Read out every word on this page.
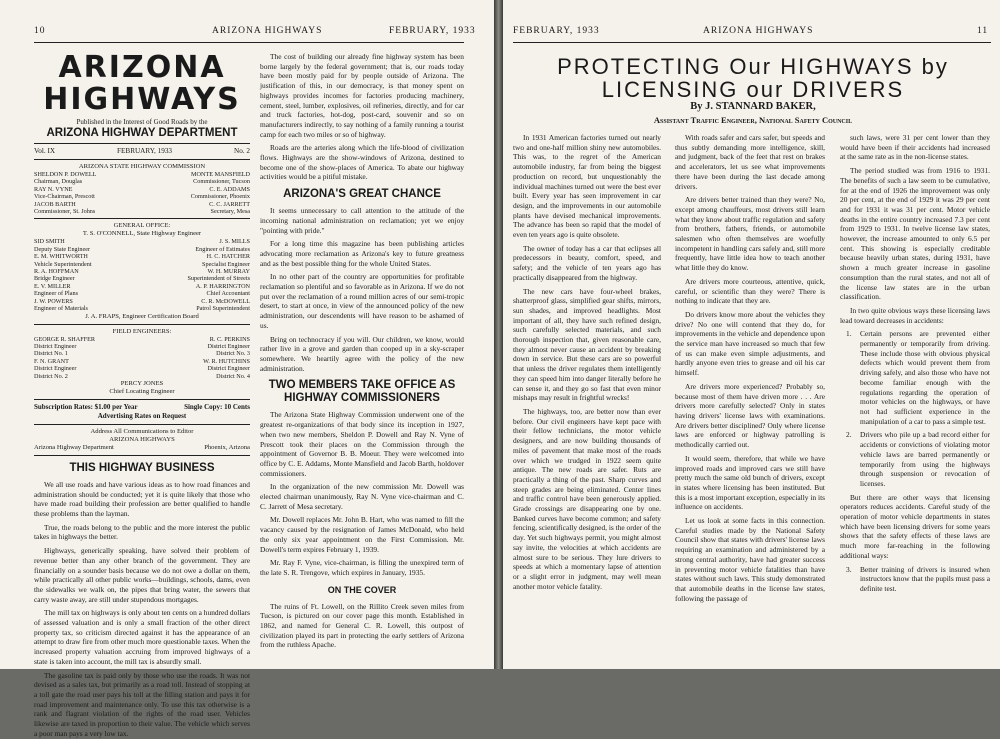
10	ARIZONA HIGHWAYS	FEBRUARY, 1933
ARIZONA HIGHWAYS
Published in the Interest of Good Roads by the
ARIZONA HIGHWAY DEPARTMENT
Vol. IX	FEBRUARY, 1933	No. 2
ARIZONA STATE HIGHWAY COMMISSION
SHELDON P. DOWELL	MONTE MANSFIELD
Chairman, Douglas	Commissioner, Tucson
RAY N. VYNE	C. E. ADDAMS
Vice-Chairman, Prescott	Commissioner, Phoenix
JACOB BARTH	C. C. JARRETT
Commissioner, St. Johns	Secretary, Mesa
GENERAL OFFICE:
T. S. O'CONNELL, State Highway Engineer
SID SMITH	J. S. MILLS
Deputy State Engineer	Engineer of Estimates
E. M. WHITWORTH	H. C. HATCHER
Vehicle Superintendent	Specialist Engineer
R. A. HOFFMAN	W. H. MURRAY
Bridge Engineer	Superintendent of Streets
E. V. MILLER	A. P. HARRINGTON
Engineer of Plans	Chief Accountant
J. W. POWERS	C. R. McDOWELL
Engineer of Materials	Patrol Superintendent
J. A. FRAPS, Engineer Certification Board
FIELD ENGINEERS:
GEORGE R. SHAFFER	R. C. PERKINS
District Engineer	District Engineer
District No. 1	District No. 3
F. N. GRANT	W. R. HUTCHINS
District Engineer	District Engineer
District No. 2	District No. 4
PERCY JONES
Chief Locating Engineer
Subscription Rates: $1.00 per Year	Single Copy: 10 Cents
Advertising Rates on Request
Address All Communications to Editor
ARIZONA HIGHWAYS
Arizona Highway Department	Phoenix, Arizona
THIS HIGHWAY BUSINESS

We all use roads and have various ideas as to how road finances and administration should be conducted; yet it is quite likely that those who have made road building their profession are better qualified to handle these problems than the layman.

True, the roads belong to the public and the more interest the public takes in highways the better.

Highways, generically speaking, have solved their problem of revenue better than any other branch of the government. They are financially on a sounder basis because we do not owe a dollar on them, while practically all other public works—buildings, schools, dams, even the sidewalks we walk on, the pipes that bring water, the sewers that carry waste away, are still under stupendous mortgages.

The mill tax on highways is only about ten cents on a hundred dollars of assessed valuation and is only a small fraction of the other direct property tax, so criticism directed against it has the appearance of an attempt to draw fire from other much more questionable taxes. When the increased property valuation accruing from improved highways of a state is taken into account, the mill tax is absurdly small.

The gasoline tax is paid only by those who use the roads. It was not devised as a sales tax, but primarily as a road toll. Instead of stopping at a toll gate the road user pays his toll at the filling station and pays it for road improvement and maintenance only. To use this tax otherwise is a rank and flagrant violation of the rights of the road user. Vehicles likewise are taxed in proportion to their value. The vehicle which serves a poor man pays a very low tax.

The cost of building our already fine highway system has been borne largely by the federal government; that is, our roads today have been mostly paid for by people outside of Arizona. The justification of this, in our democracy, is that money spent on highways provides incomes for factories producing machinery, cement, steel, lumber, explosives, oil refineries, directly, and for car and truck factories, hot-dog, post-card, souvenir and so on manufacturers indirectly, to say nothing of a family running a tourist camp for each two miles or so of highway.

Roads are the arteries along which the life-blood of civilization flows. Highways are the show-windows of Arizona, destined to become one of the show-places of America. To abate our highway activities would be a pitiful mistake.

ARIZONA'S GREAT CHANCE

It seems unnecessary to call attention to the attitude of the incoming national administration on reclamation; yet we enjoy "pointing with pride."

For a long time this magazine has been publishing articles advocating more reclamation as Arizona's key to future greatness and as the best possible thing for the whole United States.

In no other part of the country are opportunities for profitable reclamation so plentiful and so favorable as in Arizona. If we do not put over the reclamation of a round million acres of our semi-tropic desert, to start at once, in view of the announced policy of the new administration, our descendents will have reason to be ashamed of us.

Bring on technocracy if you will. Our children, we know, would rather live in a grove and garden than cooped up in a sky-scraper somewhere. We heartily agree with the policy of the new administration.

TWO MEMBERS TAKE OFFICE AS HIGHWAY COMMISSIONERS

The Arizona State Highway Commission underwent one of the greatest re-organizations of that body since its inception in 1927, when two new members, Sheldon P. Dowell and Ray N. Vyne of Prescott took their places on the Commission through the appointment of Governor B. B. Moeur. They were welcomed into office by C. E. Addams, Monte Mansfield and Jacob Barth, holdover commissioners.

In the organization of the new commission Mr. Dowell was elected chairman unanimously, Ray N. Vyne vice-chairman and C. C. Jarrett of Mesa secretary.

Mr. Dowell replaces Mr. John B. Hart, who was named to fill the vacancy caused by the resignation of James McDonald, who held the only six year appointment on the First Commission. Mr. Dowell's term expires February 1, 1939.

Mr. Ray F. Vyne, vice-chairman, is filling the unexpired term of the late S. R. Trengove, which expires in January, 1935.

ON THE COVER

The ruins of Ft. Lowell, on the Rillito Creek seven miles from Tucson, is pictured on our cover page this month. Established in 1862, and named for General C. R. Lowell, this outpost of civilization played its part in protecting the early settlers of Arizona from the ruthless Apache.

FEBRUARY, 1933	ARIZONA HIGHWAYS	11
PROTECTING Our HIGHWAYS by
LICENSING our DRIVERS
By J. STANNARD BAKER,
Assistant Traffic Engineer, National Safety Council

In 1931 American factories turned out nearly two and one-half million shiny new automobiles. This was, to the regret of the American automobile industry, far from being the biggest production on record, but unquestionably the individual machines turned out were the best ever built. Every year has seen improvement in car design, and the improvements in our automobile plants have devised mechanical improvements. The advance has been so rapid that the model of even ten years ago is quite obsolete.

The owner of today has a car that eclipses all predecessors in beauty, comfort, speed, and safety; and the vehicle of ten years ago has practically disappeared from the highway.

The new cars have four-wheel brakes, shatterproof glass, simplified gear shifts, mirrors, sun shades, and improved headlights. Most important of all, they have such refined design, such carefully selected materials, and such thorough inspection that, given reasonable care, they almost never cause an accident by breaking down in service. But these cars are so powerful that unless the driver regulates them intelligently they can speed him into danger literally before he can sense it, and they go so fast that even minor mishaps may result in frightful wrecks!

The highways, too, are better now than ever before. Our civil engineers have kept pace with their fellow technicians, the motor vehicle designers, and are now building thousands of miles of pavement that make most of the roads over which we trudged in 1922 seem quite antique. The new roads are safer. Ruts are practically a thing of the past. Sharp curves and steep grades are being eliminated. Center lines and traffic control have been generously applied. Grade crossings are disappearing one by one. Banked curves have become common; and safety fencing, scientifically designed, is the order of the day. Yet such highways permit, you might almost say invite, the velocities at which accidents are almost sure to be serious. They lure drivers to speeds at which a momentary lapse of attention or a slight error in judgment, may well mean another motor vehicle fatality.

With roads safer and cars safer, but speeds and thus subtly demanding more intelligence, skill, and judgment, back of the feet that rest on brakes and accelerators, let us see what improvements there have been during the last decade among drivers.

Are drivers better trained than they were? No, except among chauffeurs, most drivers still learn what they know about traffic regulation and safety from brothers, fathers, friends, or automobile salesmen who often themselves are woefully incompetent in handling cars safely and, still more frequently, have little idea how to teach another what little they do know.

Are drivers more courteous, attentive, quick, careful, or scientific than they were? There is nothing to indicate that they are.

Do drivers know more about the vehicles they drive? No one will contend that they do, for improvements in the vehicle and dependence upon the service man have increased so much that few of us can make even simple adjustments, and hardly anyone even tries to grease and oil his car himself.

Are drivers more experienced? Probably so, because most of them have driven more . . . Are drivers more carefully selected? Only in states having drivers' license laws with examinations. Are drivers better disciplined? Only where license laws are enforced or highway patrolling is methodically carried out.

It would seem, therefore, that while we have improved roads and improved cars we still have pretty much the same old bunch of drivers, except in states where licensing has been instituted. But this is a most important exception, especially in its influence on accidents.

Let us look at some facts in this connection. Careful studies made by the National Safety Council show that states with drivers' license laws requiring an examination and administered by a strong central authority, have had greater success in preventing motor vehicle fatalities than have states without such laws. This study demonstrated that automobile deaths in the license law states, following the passage of

such laws, were 31 per cent lower than they would have been if their accidents had increased at the same rate as in the non-license states.

The period studied was from 1916 to 1931. The benefits of such a law seem to be cumulative, for at the end of 1926 the improvement was only 20 per cent, at the end of 1929 it was 29 per cent and for 1931 it was 31 per cent. Motor vehicle deaths in the entire country increased 7.3 per cent from 1929 to 1931. In twelve license law states, however, the increase amounted to only 6.5 per cent. This showing is especially creditable because heavily urban states, during 1931, have shown a much greater increase in gasoline consumption than the rural states, and not all of the license law states are in the urban classification.

In two quite obvious ways these licensing laws lead toward decreases in accidents:

1.	Certain persons are prevented either permanently or temporarily from driving. These include those with obvious physical defects which would prevent them from driving safely, and also those who have not become familiar enough with the regulations regarding the operation of motor vehicles on the highways, or have not had sufficient experience in the manipulation of a car to pass a simple test.
2.	Drivers who pile up a bad record either for accidents or convictions of violating motor vehicle laws are barred permanently or temporarily from using the highways through suspension or revocation of licenses.

But there are other ways that licensing operators reduces accidents. Careful study of the operation of motor vehicle departments in states which have been licensing drivers for some years shows that the safety effects of these laws are much more far-reaching in the following additional ways:

3.	Better training of drivers is insured when instructors know that the pupils must pass a definite test.
